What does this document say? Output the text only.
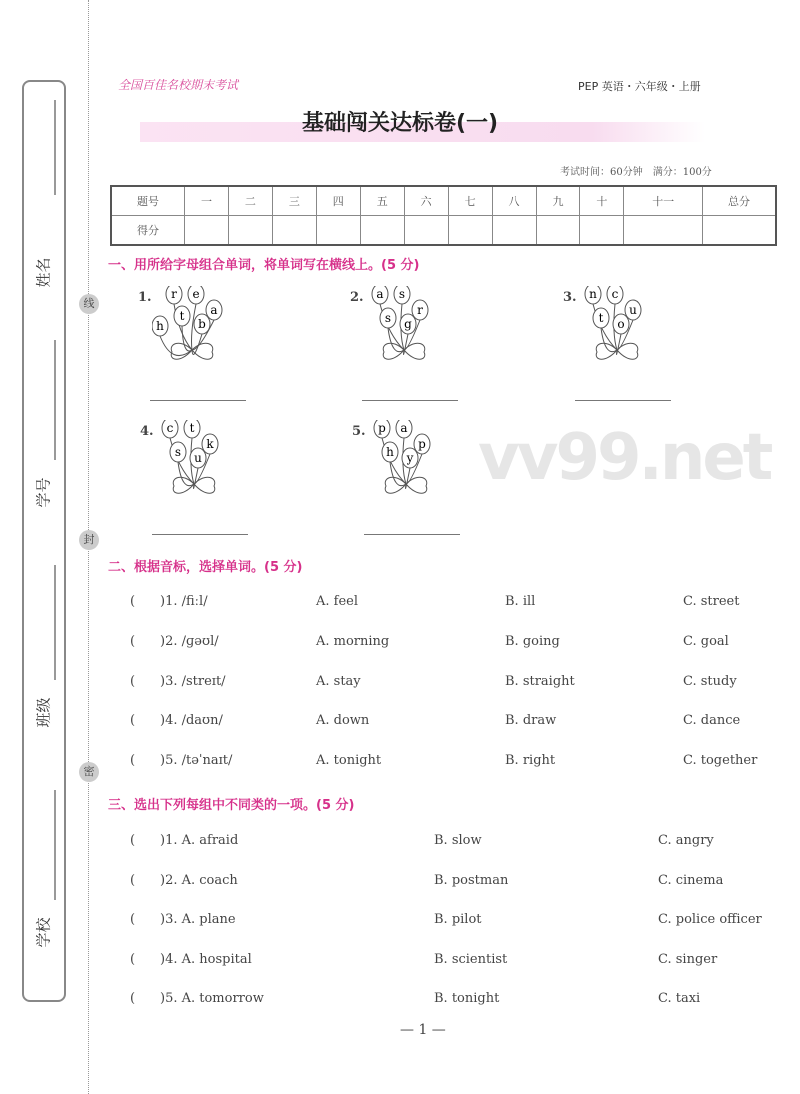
姓名
学号
班级
学校
线
封
密
全国百佳名校期末考试	PEP 英语・六年级・上册
基础闯关达标卷(一)
考试时间：60分钟　满分：100分
题号	一	二	三	四	五	六	七	八	九	十	十一	总分
得分												
一、用所给字母组合单词，将单词写在横线上。(5 分)
1. r e
a
t
b
h
2. a s
r
s g
3. n c
u
t o
4. c t
k
s u
5. p a
p
h y vv99.net
二、根据音标，选择单词。(5 分)
( )1. /fiːl/	A. feel	B. ill	C. street
( )2. /ɡəʊl/	A. morning	B. going	C. goal
( )3. /streɪt/	A. stay	B. straight	C. study
( )4. /daʊn/	A. down	B. draw	C. dance
( )5. /təˈnaɪt/	A. tonight	B. right	C. together
三、选出下列每组中不同类的一项。(5 分)
( )1. A. afraid	B. slow	C. angry
( )2. A. coach	B. postman	C. cinema
( )3. A. plane	B. pilot	C. police officer
( )4. A. hospital	B. scientist	C. singer
( )5. A. tomorrow	B. tonight	C. taxi
— 1 —
